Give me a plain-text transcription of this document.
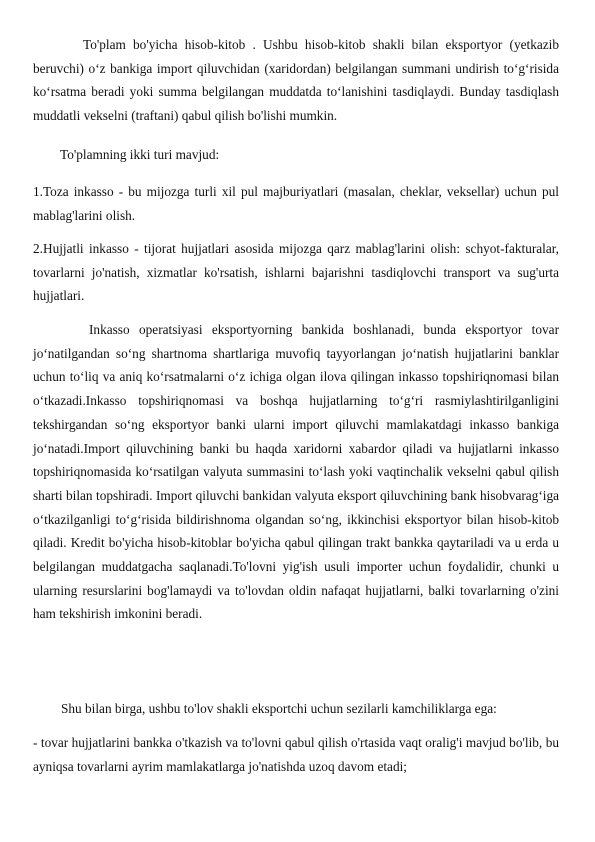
To'plam bo'yicha hisob-kitob . Ushbu hisob-kitob shakli bilan eksportyor (yetkazib beruvchi) o‘z bankiga import qiluvchidan (xaridordan) belgilangan summani undirish to‘g‘risida ko‘rsatma beradi yoki summa belgilangan muddatda to‘lanishini tasdiqlaydi. Bunday tasdiqlash muddatli vekselni (traftani) qabul qilish bo'lishi mumkin.

To'plamning ikki turi mavjud:

1.Toza inkasso - bu mijozga turli xil pul majburiyatlari (masalan, cheklar, veksellar) uchun pul mablag'larini olish.

2.Hujjatli inkasso - tijorat hujjatlari asosida mijozga qarz mablag'larini olish: schyot-fakturalar, tovarlarni jo'natish, xizmatlar ko'rsatish, ishlarni bajarishni tasdiqlovchi transport va sug'urta hujjatlari.

Inkasso operatsiyasi eksportyorning bankida boshlanadi, bunda eksportyor tovar jo‘natilgandan so‘ng shartnoma shartlariga muvofiq tayyorlangan jo‘natish hujjatlarini banklar uchun to‘liq va aniq ko‘rsatmalarni o‘z ichiga olgan ilova qilingan inkasso topshiriqnomasi bilan o‘tkazadi.Inkasso topshiriqnomasi va boshqa hujjatlarning to‘g‘ri rasmiylashtirilganligini tekshirgandan so‘ng eksportyor banki ularni import qiluvchi mamlakatdagi inkasso bankiga jo‘natadi.Import qiluvchining banki bu haqda xaridorni xabardor qiladi va hujjatlarni inkasso topshiriqnomasida ko‘rsatilgan valyuta summasini to‘lash yoki vaqtinchalik vekselni qabul qilish sharti bilan topshiradi. Import qiluvchi bankidan valyuta eksport qiluvchining bank hisobvarag‘iga o‘tkazilganligi to‘g‘risida bildirishnoma olgandan so‘ng, ikkinchisi eksportyor bilan hisob-kitob qiladi. Kredit bo'yicha hisob-kitoblar bo'yicha qabul qilingan trakt bankka qaytariladi va u erda u belgilangan muddatgacha saqlanadi.To'lovni yig'ish usuli importer uchun foydalidir, chunki u ularning resurslarini bog'lamaydi va to'lovdan oldin nafaqat hujjatlarni, balki tovarlarning o'zini ham tekshirish imkonini beradi.

Shu bilan birga, ushbu to'lov shakli eksportchi uchun sezilarli kamchiliklarga ega:

- tovar hujjatlarini bankka o'tkazish va to'lovni qabul qilish o'rtasida vaqt oralig'i mavjud bo'lib, bu ayniqsa tovarlarni ayrim mamlakatlarga jo'natishda uzoq davom etadi;
